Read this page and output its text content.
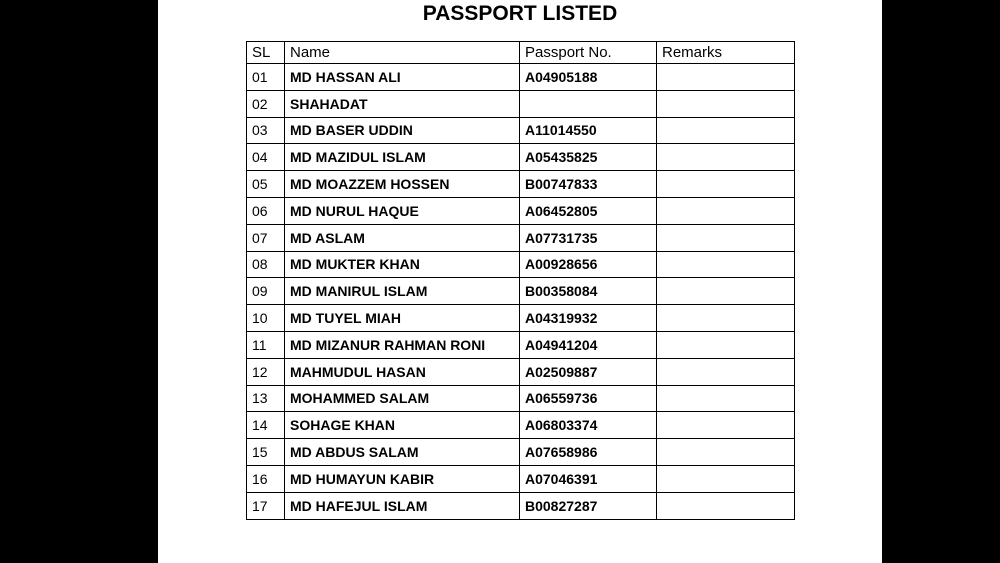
PASSPORT LISTED
SL	Name	Passport No.	Remarks
01	MD HASSAN ALI	A04905188	
02	SHAHADAT		
03	MD BASER UDDIN	A11014550	
04	MD MAZIDUL ISLAM	A05435825	
05	MD MOAZZEM HOSSEN	B00747833	
06	MD NURUL HAQUE	A06452805	
07	MD ASLAM	A07731735	
08	MD MUKTER KHAN	A00928656	
09	MD MANIRUL ISLAM	B00358084	
10	MD TUYEL MIAH	A04319932	
11	MD MIZANUR RAHMAN RONI	A04941204	
12	MAHMUDUL HASAN	A02509887	
13	MOHAMMED SALAM	A06559736	
14	SOHAGE KHAN	A06803374	
15	MD ABDUS SALAM	A07658986	
16	MD HUMAYUN KABIR	A07046391	
17	MD HAFEJUL ISLAM	B00827287	
